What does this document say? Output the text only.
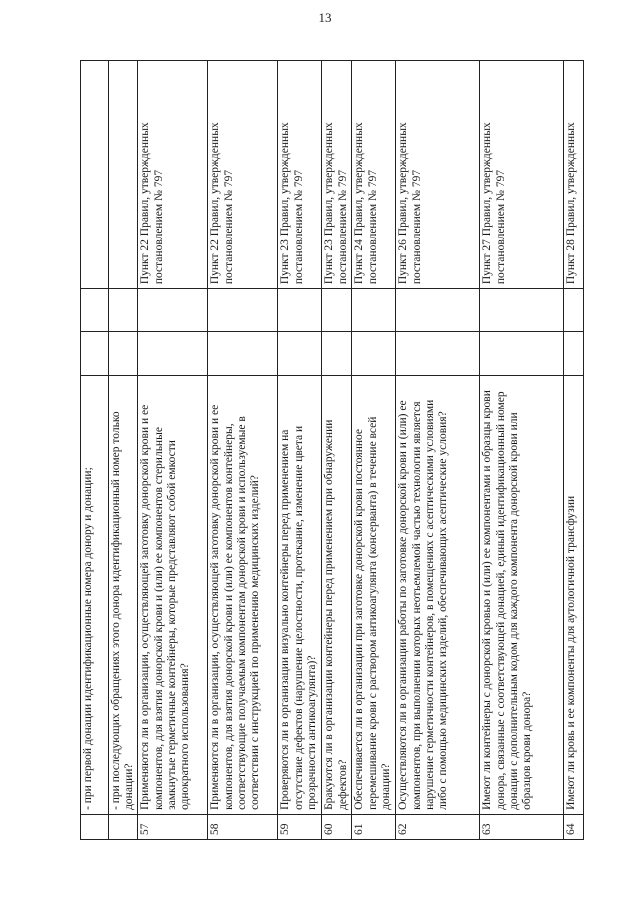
13
	- при первой донации идентификационные номера донору и донации;			
	- при последующих обращениях этого донора идентификационный номер только донации?			
57	Применяются ли в организации, осуществляющей заготовку донорской крови и ее компонентов, для взятия донорской крови и (или) ее компонентов стерильные замкнутые герметичные контейнеры, которые представляют собой емкости однократного использования?			Пункт 22 Правил, утвержденных постановлением № 797
58	Применяются ли в организации, осуществляющей заготовку донорской крови и ее компонентов, для взятия донорской крови и (или) ее компонентов контейнеры, соответствующие получаемым компонентам донорской крови и используемые в соответствии с инструкцией по применению медицинских изделий?			Пункт 22 Правил, утвержденных постановлением № 797
59	Проверяются ли в организации визуально контейнеры перед применением на отсутствие дефектов (нарушение целостности, протекание, изменение цвета и прозрачности антикоагулянта)?			Пункт 23 Правил, утвержденных постановлением № 797
60	Бракуются ли в организации контейнеры перед применением при обнаружении дефектов?			Пункт 23 Правил, утвержденных постановлением № 797
61	Обеспечивается ли в организации при заготовке донорской крови постоянное перемешивание крови с раствором антикоагулянта (консерванта) в течение всей донации?			Пункт 24 Правил, утвержденных постановлением № 797
62	Осуществляются ли в организации работы по заготовке донорской крови и (или) ее компонентов, при выполнении которых неотъемлемой частью технологии является нарушение герметичности контейнеров, в помещениях с асептическими условиями либо с помощью медицинских изделий, обеспечивающих асептические условия?			Пункт 26 Правил, утвержденных постановлением № 797
63	Имеют ли контейнеры с донорской кровью и (или) ее компонентами и образцы крови донора, связанные с соответствующей донацией, единый идентификационный номер донации с дополнительным кодом для каждого компонента донорской крови или образцов крови донора?			Пункт 27 Правил, утвержденных постановлением № 797
64	Имеют ли кровь и ее компоненты для аутологичной трансфузии			Пункт 28 Правил, утвержденных
